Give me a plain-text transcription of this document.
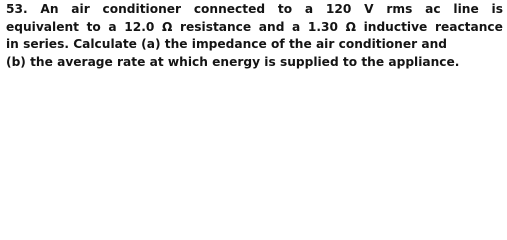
53. An air conditioner connected to a 120 V rms ac line is
equivalent to a 12.0 Ω resistance and a 1.30 Ω inductive reactance
in series. Calculate (a) the impedance of the air conditioner and
(b) the average rate at which energy is supplied to the appliance.
